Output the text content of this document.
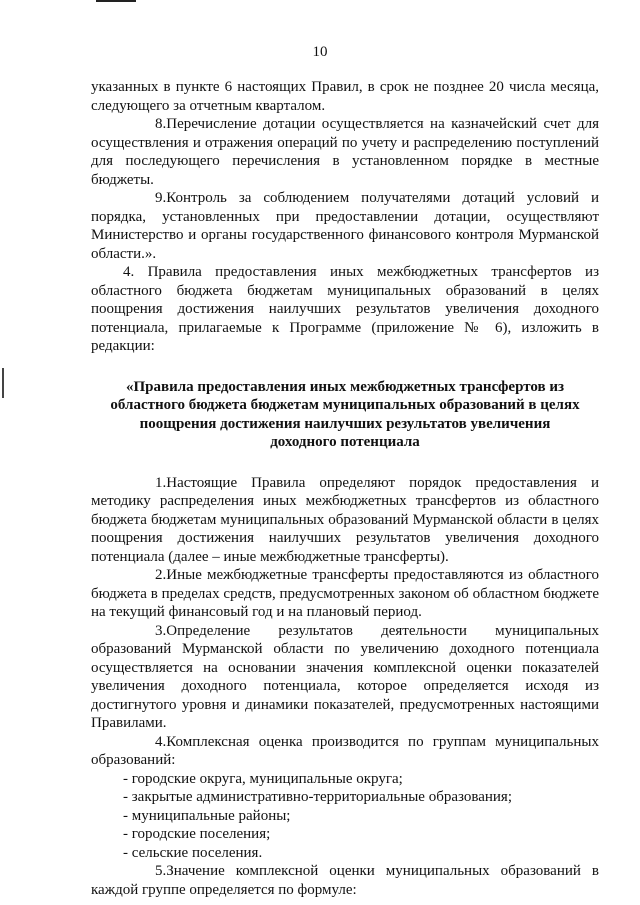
10

указанных в пункте 6 настоящих Правил, в срок не позднее 20 числа месяца, следующего за отчетным кварталом.

8.Перечисление дотации осуществляется на казначейский счет для осуществления и отражения операций по учету и распределению поступлений для последующего перечисления в установленном порядке в местные бюджеты.

9.Контроль за соблюдением получателями дотаций условий и порядка, установленных при предоставлении дотации, осуществляют Министерство и органы государственного финансового контроля Мурманской области.».

4. Правила предоставления иных межбюджетных трансфертов из областного бюджета бюджетам муниципальных образований в целях поощрения достижения наилучших результатов увеличения доходного потенциала, прилагаемые к Программе (приложение № 6), изложить в редакции:

«Правила предоставления иных межбюджетных трансфертов из областного бюджета бюджетам муниципальных образований в целях поощрения достижения наилучших результатов увеличения доходного потенциала

1.Настоящие Правила определяют порядок предоставления и методику распределения иных межбюджетных трансфертов из областного бюджета бюджетам муниципальных образований Мурманской области в целях поощрения достижения наилучших результатов увеличения доходного потенциала (далее – иные межбюджетные трансферты).

2.Иные межбюджетные трансферты предоставляются из областного бюджета в пределах средств, предусмотренных законом об областном бюджете на текущий финансовый год и на плановый период.

3.Определение результатов деятельности муниципальных образований Мурманской области по увеличению доходного потенциала осуществляется на основании значения комплексной оценки показателей увеличения доходного потенциала, которое определяется исходя из достигнутого уровня и динамики показателей, предусмотренных настоящими Правилами.

4.Комплексная оценка производится по группам муниципальных образований:

- городские округа, муниципальные округа;

- закрытые административно-территориальные образования;

- муниципальные районы;

- городские поселения;

- сельские поселения.

5.Значение комплексной оценки муниципальных образований в каждой группе определяется по формуле:
